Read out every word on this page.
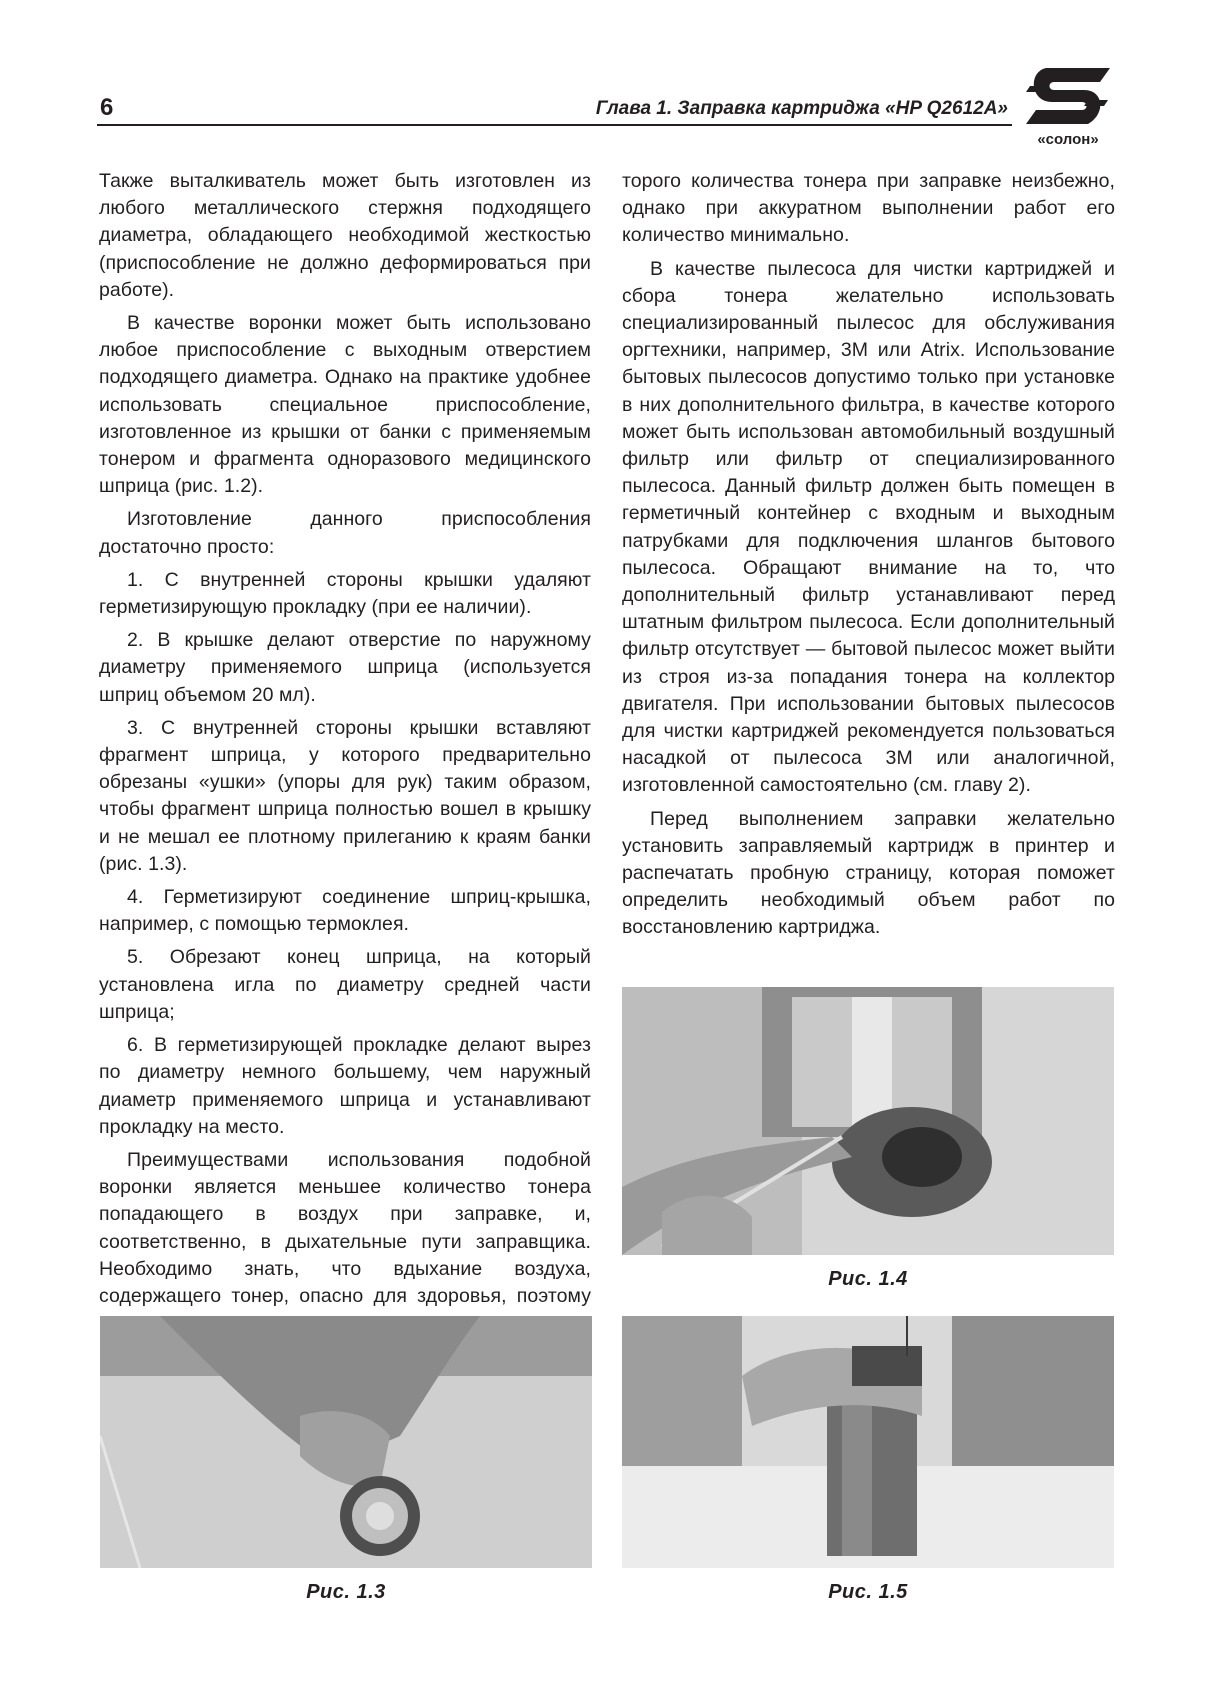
6	Глава 1. Заправка картриджа «HP Q2612A»
«солон»

Также выталкиватель может быть изготовлен из любого металлического стержня подходящего диаметра, обладающего необходимой жесткостью (приспособление не должно деформироваться при работе).

В качестве воронки может быть использовано любое приспособление с выходным отверстием подходящего диаметра. Однако на практике удобнее использовать специальное приспособление, изготовленное из крышки от банки с применяемым тонером и фрагмента одноразового медицинского шприца (рис. 1.2).

Изготовление данного приспособления достаточно просто:

1. С внутренней стороны крышки удаляют герметизирующую прокладку (при ее наличии).

2. В крышке делают отверстие по наружному диаметру применяемого шприца (используется шприц объемом 20 мл).

3. С внутренней стороны крышки вставляют фрагмент шприца, у которого предварительно обрезаны «ушки» (упоры для рук) таким образом, чтобы фрагмент шприца полностью вошел в крышку и не мешал ее плотному прилеганию к краям банки (рис. 1.3).

4. Герметизируют соединение шприц-крышка, например, с помощью термоклея.

5. Обрезают конец шприца, на который установлена игла по диаметру средней части шприца;

6. В герметизирующей прокладке делают вырез по диаметру немного большему, чем наружный диаметр применяемого шприца и устанавливают прокладку на место.

Преимуществами использования подобной воронки является меньшее количество тонера попадающего в воздух при заправке, и, соответственно, в дыхательные пути заправщика. Необходимо знать, что вдыхание воздуха, содержащего тонер, опасно для здоровья, поэтому

торого количества тонера при заправке неизбежно, однако при аккуратном выполнении работ его количество минимально.

В качестве пылесоса для чистки картриджей и сбора тонера желательно использовать специализированный пылесос для обслуживания оргтехники, например, 3M или Atrix. Использование бытовых пылесосов допустимо только при установке в них дополнительного фильтра, в качестве которого может быть использован автомобильный воздушный фильтр или фильтр от специализированного пылесоса. Данный фильтр должен быть помещен в герметичный контейнер с входным и выходным патрубками для подключения шлангов бытового пылесоса. Обращают внимание на то, что дополнительный фильтр устанавливают перед штатным фильтром пылесоса. Если дополнительный фильтр отсутствует — бытовой пылесос может выйти из строя из-за попадания тонера на коллектор двигателя. При использовании бытовых пылесосов для чистки картриджей рекомендуется пользоваться насадкой от пылесоса 3M или аналогичной, изготовленной самостоятельно (см. главу 2).

Перед выполнением заправки желательно установить заправляемый картридж в принтер и распечатать пробную страницу, которая поможет определить необходимый объем работ по восстановлению картриджа.

Рис. 1.4
Рис. 1.3	Рис. 1.5
